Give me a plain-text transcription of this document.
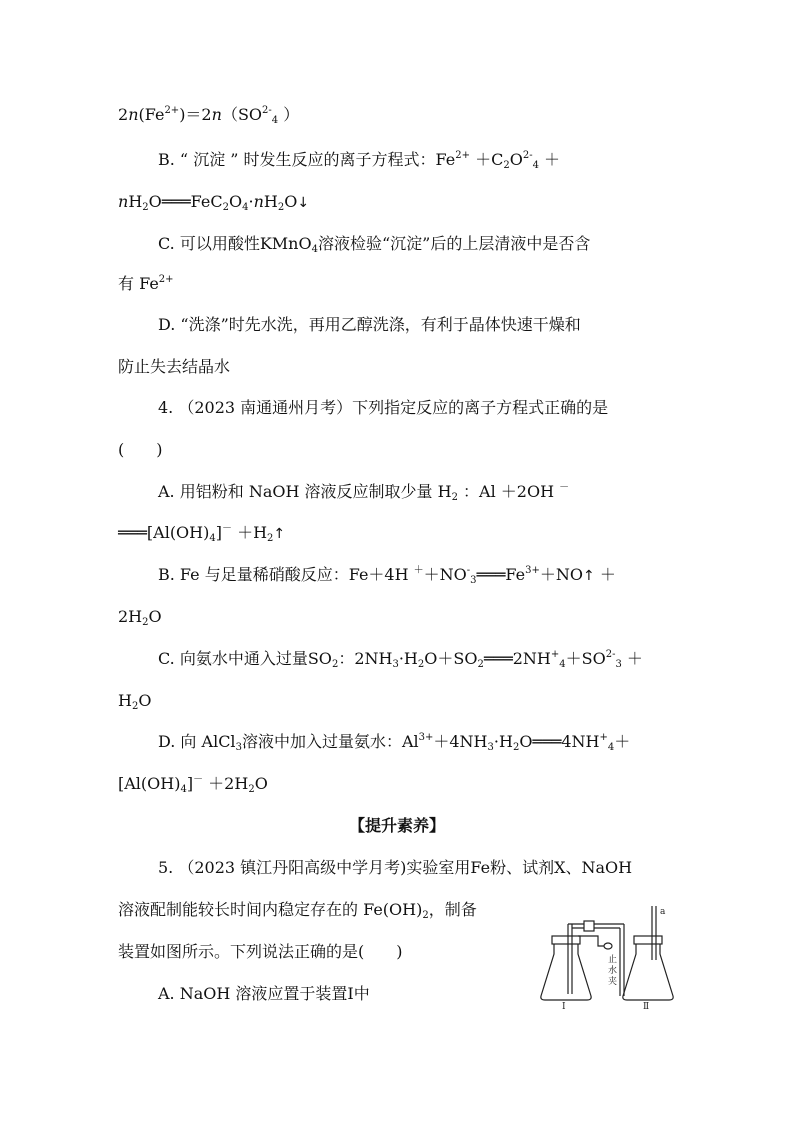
$2n(Fe^{2+})=2n(SO^{2-}_4$ ）
B. “ 沉淀 ” 时发生反应的离子方程式：$Fe^{2+} +C_2O^{2-}_4$ ＋
$nH_2O═══FeC_2O_4\cdot nH_2O↓$
C. 可以用酸性KMnO$_4$溶液检验“沉淀”后的上层清液中是否含
有 $Fe^{2+}$
D. “洗涤”时先水洗，再用乙醇洗涤，有利于晶体快速干燥和
防止失去结晶水
4. （2023 南通通州月考）下列指定反应的离子方程式正确的是
(　　)
A. 用铝粉和 NaOH 溶液反应制取少量 $H_2$ ：Al ＋2OH －
$═══[Al(OH)_4]^-$ $+H_2↑$
B. Fe 与足量稀硝酸反应：Fe＋4H $^++NO^-_3═══Fe^{3+}+NO↑$ ＋
$2H_2O$
C. 向氨水中通入过量$SO_2$：$2NH_3\cdot H_2O+SO_2═══2NH^+_4+SO^{2-}_3$ ＋
$H_2O$
D. 向 AlCl$_3$溶液中加入过量氨水：$Al^{3+}+4NH_3\cdot H_2O═══4NH^+_4+$
$[Al(OH)_4]^- +2H_2O$
【提升素养】
5. （2023 镇江丹阳高级中学月考)实验室用Fe粉、试剂X、NaOH
溶液配制能较长时间内稳定存在的 $Fe(OH)_2$，制备
装置如图所示。下列说法正确的是(　　)
A. NaOH 溶液应置于装置Ⅰ中
a
止
水
夹
Ⅰ	Ⅱ
